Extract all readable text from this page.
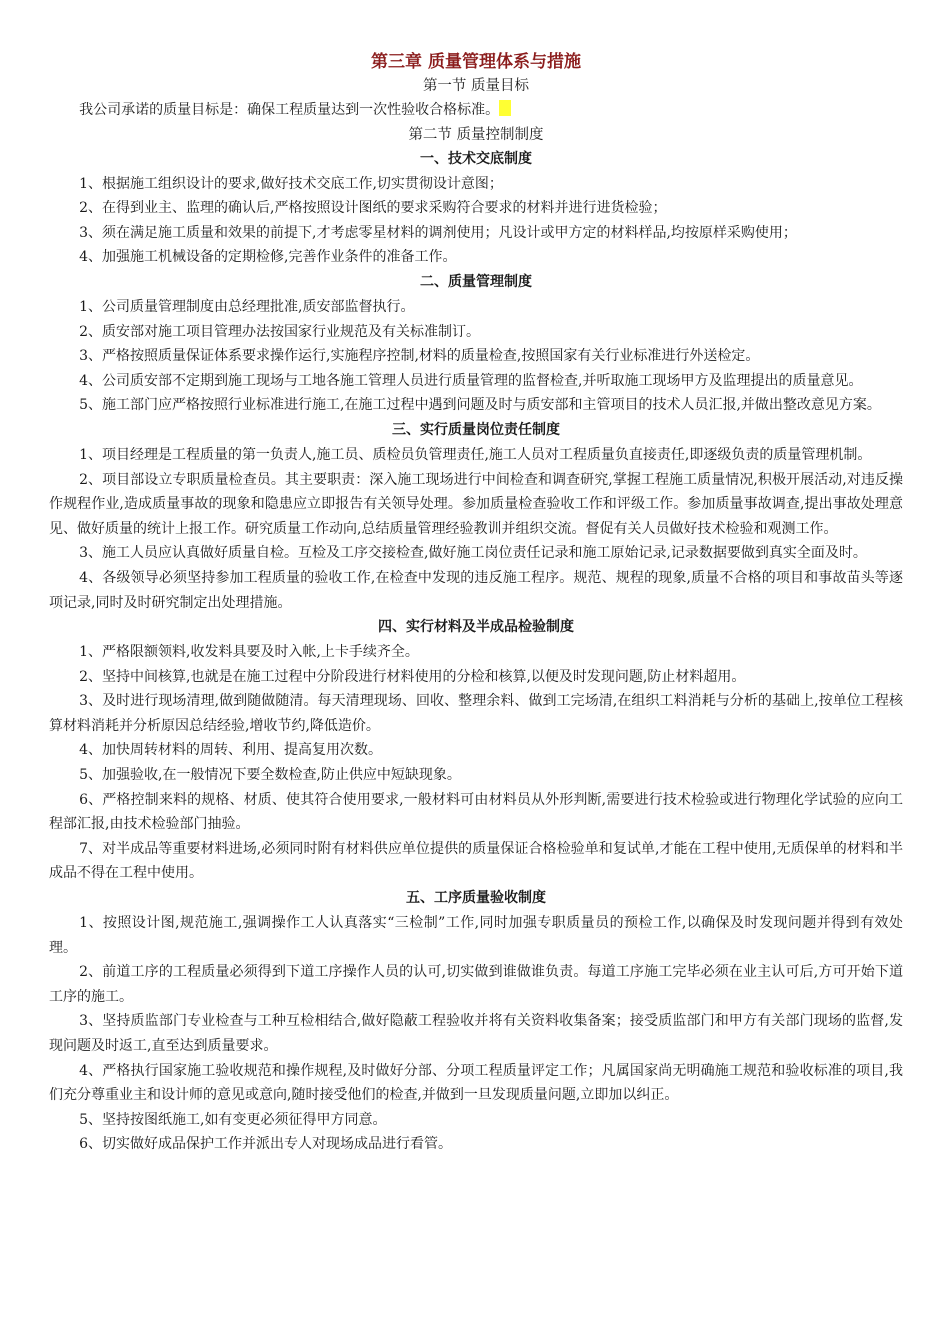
第三章 质量管理体系与措施
第一节 质量目标

我公司承诺的质量目标是：确保工程质量达到一次性验收合格标准。

第二节 质量控制制度
一、技术交底制度

1、根据施工组织设计的要求,做好技术交底工作,切实贯彻设计意图；

2、在得到业主、监理的确认后,严格按照设计图纸的要求采购符合要求的材料并进行进货检验；

3、须在满足施工质量和效果的前提下,才考虑零星材料的调剂使用；凡设计或甲方定的材料样品,均按原样采购使用；

4、加强施工机械设备的定期检修,完善作业条件的准备工作。

二、质量管理制度

1、公司质量管理制度由总经理批准,质安部监督执行。

2、质安部对施工项目管理办法按国家行业规范及有关标准制订。

3、严格按照质量保证体系要求操作运行,实施程序控制,材料的质量检查,按照国家有关行业标准进行外送检定。

4、公司质安部不定期到施工现场与工地各施工管理人员进行质量管理的监督检查,并听取施工现场甲方及监理提出的质量意见。

5、施工部门应严格按照行业标准进行施工,在施工过程中遇到问题及时与质安部和主管项目的技术人员汇报,并做出整改意见方案。

三、实行质量岗位责任制度

1、项目经理是工程质量的第一负责人,施工员、质检员负管理责任,施工人员对工程质量负直接责任,即逐级负责的质量管理机制。

2、项目部设立专职质量检查员。其主要职责：深入施工现场进行中间检查和调查研究,掌握工程施工质量情况,积极开展活动,对违反操作规程作业,造成质量事故的现象和隐患应立即报告有关领导处理。参加质量检查验收工作和评级工作。参加质量事故调查,提出事故处理意见、做好质量的统计上报工作。研究质量工作动向,总结质量管理经验教训并组织交流。督促有关人员做好技术检验和观测工作。

3、施工人员应认真做好质量自检。互检及工序交接检查,做好施工岗位责任记录和施工原始记录,记录数据要做到真实全面及时。

4、各级领导必须坚持参加工程质量的验收工作,在检查中发现的违反施工程序。规范、规程的现象,质量不合格的项目和事故苗头等逐项记录,同时及时研究制定出处理措施。

四、实行材料及半成品检验制度

1、严格限额领料,收发料具要及时入帐,上卡手续齐全。

2、坚持中间核算,也就是在施工过程中分阶段进行材料使用的分检和核算,以便及时发现问题,防止材料超用。

3、及时进行现场清理,做到随做随清。每天清理现场、回收、整理余料、做到工完场清,在组织工料消耗与分析的基础上,按单位工程核算材料消耗并分析原因总结经验,增收节约,降低造价。

4、加快周转材料的周转、利用、提高复用次数。

5、加强验收,在一般情况下要全数检查,防止供应中短缺现象。

6、严格控制来料的规格、材质、使其符合使用要求,一般材料可由材料员从外形判断,需要进行技术检验或进行物理化学试验的应向工程部汇报,由技术检验部门抽验。

7、对半成品等重要材料进场,必须同时附有材料供应单位提供的质量保证合格检验单和复试单,才能在工程中使用,无质保单的材料和半成品不得在工程中使用。

五、工序质量验收制度

1、按照设计图,规范施工,强调操作工人认真落实“三检制”工作,同时加强专职质量员的预检工作,以确保及时发现问题并得到有效处理。

2、前道工序的工程质量必须得到下道工序操作人员的认可,切实做到谁做谁负责。每道工序施工完毕必须在业主认可后,方可开始下道工序的施工。

3、坚持质监部门专业检查与工种互检相结合,做好隐蔽工程验收并将有关资料收集备案；接受质监部门和甲方有关部门现场的监督,发现问题及时返工,直至达到质量要求。

4、严格执行国家施工验收规范和操作规程,及时做好分部、分项工程质量评定工作；凡属国家尚无明确施工规范和验收标准的项目,我们充分尊重业主和设计师的意见或意向,随时接受他们的检查,并做到一旦发现质量问题,立即加以纠正。

5、坚持按图纸施工,如有变更必须征得甲方同意。

6、切实做好成品保护工作并派出专人对现场成品进行看管。
